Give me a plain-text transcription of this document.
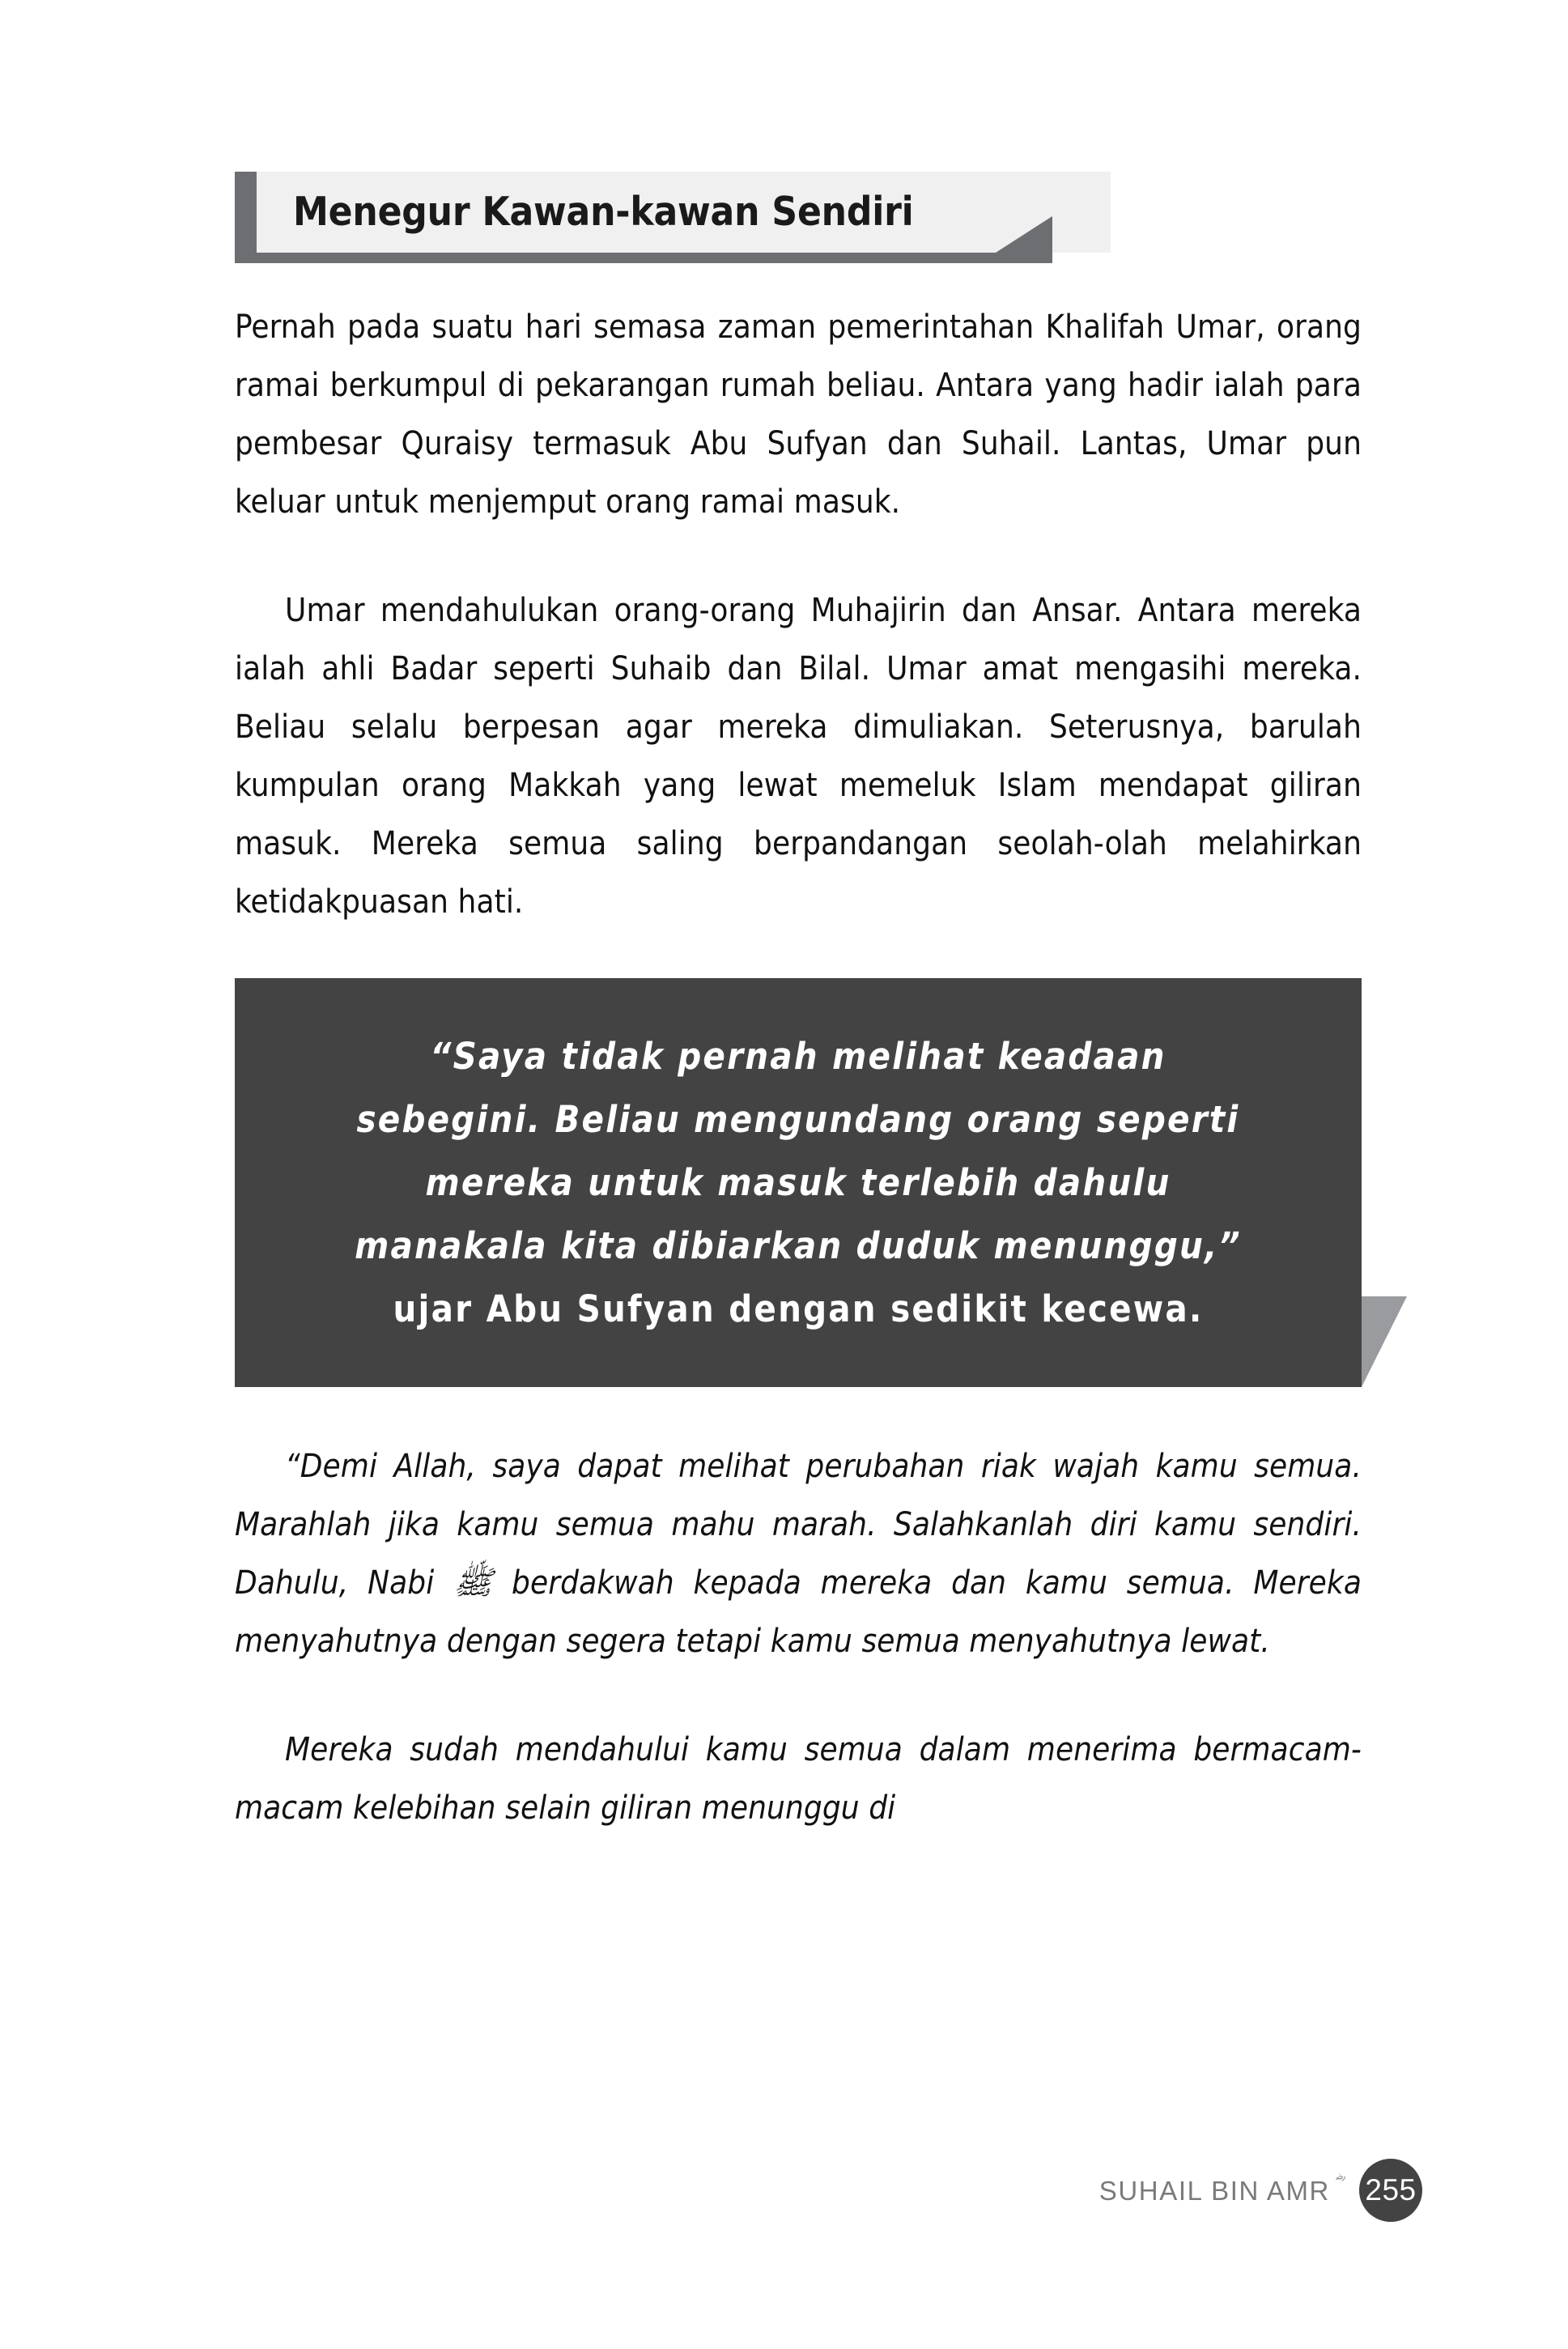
Menegur Kawan-kawan Sendiri

Pernah pada suatu hari semasa zaman pemerintahan Khalifah Umar, orang ramai berkumpul di pekarangan rumah beliau. Antara yang hadir ialah para pembesar Quraisy termasuk Abu Sufyan dan Suhail. Lantas, Umar pun keluar untuk menjemput orang ramai masuk.

Umar mendahulukan orang-orang Muhajirin dan Ansar. Antara mereka ialah ahli Badar seperti Suhaib dan Bilal. Umar amat mengasihi mereka. Beliau selalu berpesan agar mereka dimuliakan. Seterusnya, barulah kumpulan orang Makkah yang lewat memeluk Islam mendapat giliran masuk. Mereka semua saling berpandangan seolah-olah melahirkan ketidakpuasan hati.

“Saya tidak pernah melihat keadaan sebegini. Beliau mengundang orang seperti mereka untuk masuk terlebih dahulu manakala kita dibiarkan duduk menunggu,” ujar Abu Sufyan dengan sedikit kecewa.

“Demi Allah, saya dapat melihat perubahan riak wajah kamu semua. Marahlah jika kamu semua mahu marah. Salahkanlah diri kamu sendiri. Dahulu, Nabi ﷺ berdakwah kepada mereka dan kamu semua. Mereka menyahutnya dengan segera tetapi kamu semua menyahutnya lewat.

Mereka sudah mendahului kamu semua dalam menerima bermacam-macam kelebihan selain giliran menunggu di

SUHAIL BIN AMR 255
